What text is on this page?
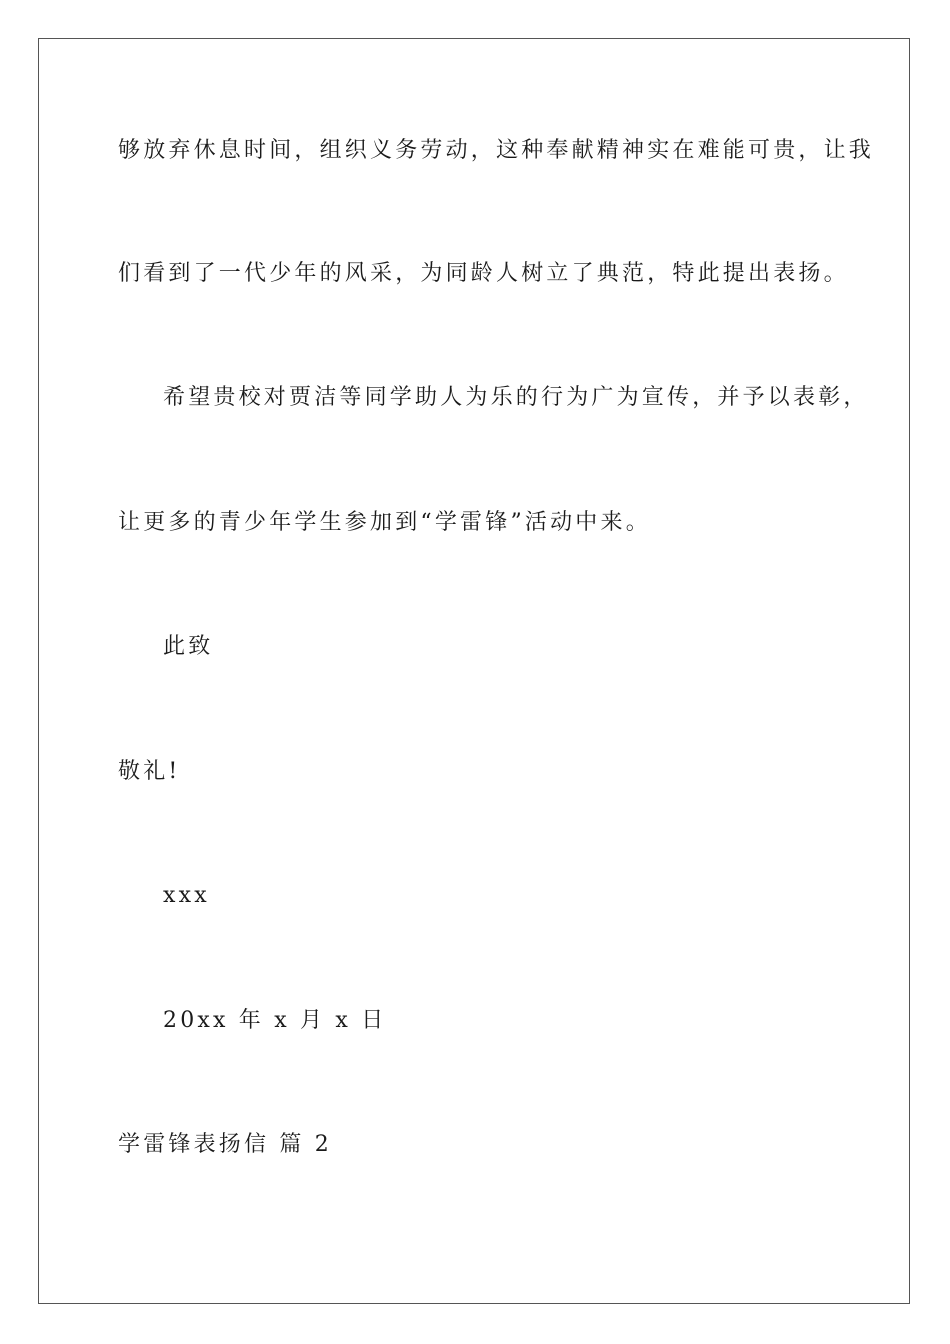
够放弃休息时间，组织义务劳动，这种奉献精神实在难能可贵，让我
们看到了一代少年的风采，为同龄人树立了典范，特此提出表扬。
希望贵校对贾洁等同学助人为乐的行为广为宣传，并予以表彰，
让更多的青少年学生参加到“学雷锋”活动中来。
此致
敬礼!
xxx
20xx 年 x 月 x 日
学雷锋表扬信 篇 2
